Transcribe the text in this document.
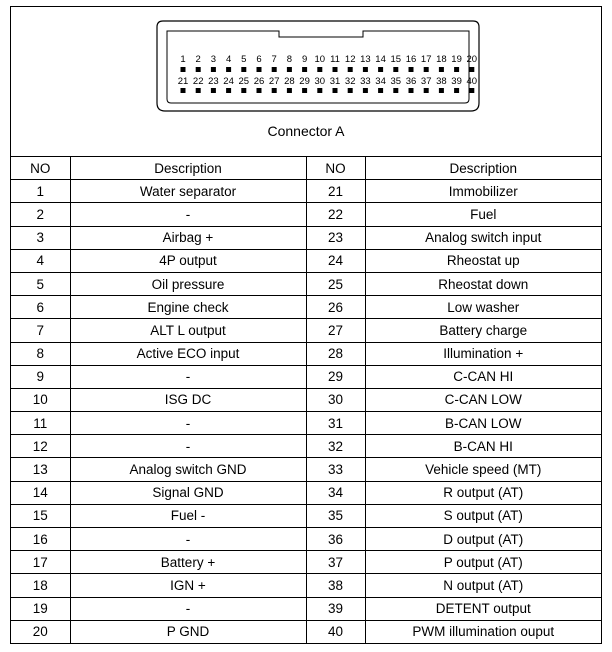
1 2 3 4 5 6 7 8 9 10 11 12 13 14 15 16 17 18 19 20
21 22 23 24 25 26 27 28 29 30 31 32 33 34 35 36 37 38 39 40
Connector A
NO	Description	NO	Description
1	Water separator	21	Immobilizer
2	-	22	Fuel
3	Airbag +	23	Analog switch input
4	4P output	24	Rheostat up
5	Oil pressure	25	Rheostat down
6	Engine check	26	Low washer
7	ALT L output	27	Battery charge
8	Active ECO input	28	Illumination +
9	-	29	C-CAN HI
10	ISG DC	30	C-CAN LOW
11	-	31	B-CAN LOW
12	-	32	B-CAN HI
13	Analog switch GND	33	Vehicle speed (MT)
14	Signal GND	34	R output (AT)
15	Fuel -	35	S output (AT)
16	-	36	D output (AT)
17	Battery +	37	P output (AT)
18	IGN +	38	N output (AT)
19	-	39	DETENT output
20	P GND	40	PWM illumination ouput
